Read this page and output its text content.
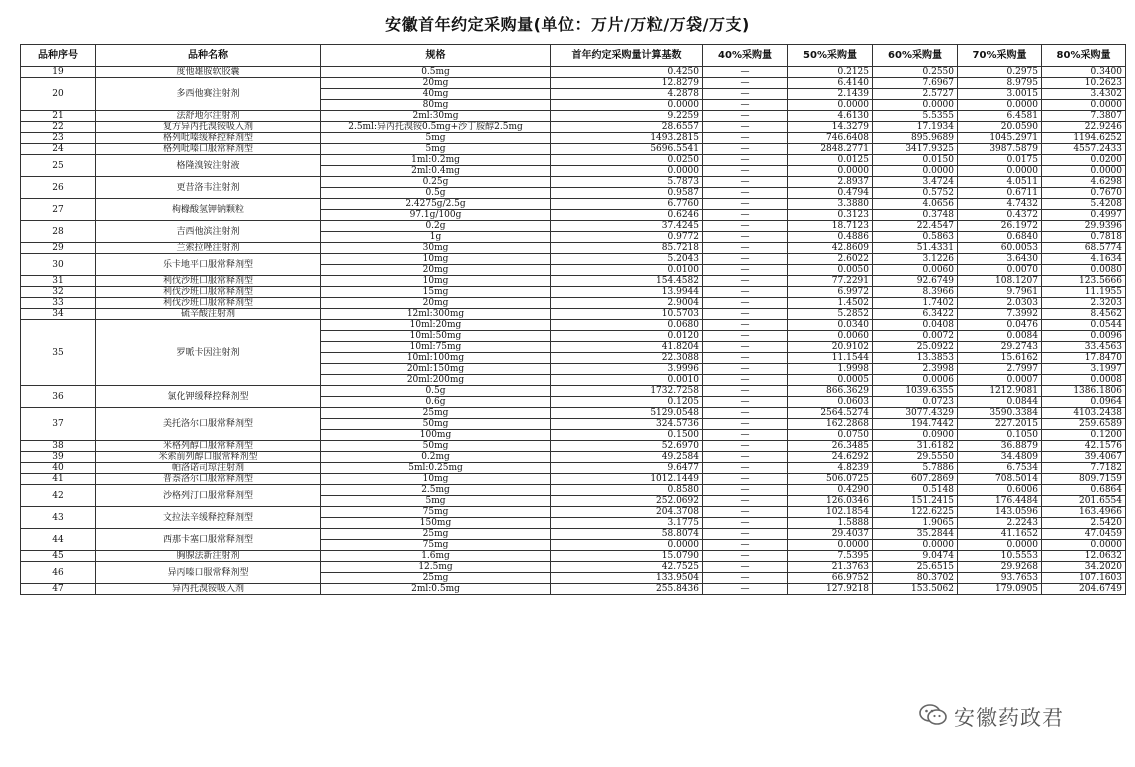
安徽首年约定采购量(单位：万片/万粒/万袋/万支)
品种序号	品种名称	规格	首年约定采购量计算基数	40%采购量	50%采购量	60%采购量	70%采购量	80%采购量
19	度他雄胺软胶囊	0.5mg	0.4250	—	0.2125	0.2550	0.2975	0.3400
20	多西他赛注射剂	20mg	12.8279	—	6.4140	7.6967	8.9795	10.2623
		40mg	4.2878	—	2.1439	2.5727	3.0015	3.4302
		80mg	0.0000	—	0.0000	0.0000	0.0000	0.0000
21	法舒地尔注射剂	2ml:30mg	9.2259	—	4.6130	5.5355	6.4581	7.3807
22	复方异丙托溴铵吸入剂	2.5ml:异丙托溴铵0.5mg+沙丁胺醇2.5mg	28.6557	—	14.3279	17.1934	20.0590	22.9246
23	格列吡嗪缓释控释剂型	5mg	1493.2815	—	746.6408	895.9689	1045.2971	1194.6252
24	格列吡嗪口服常释剂型	5mg	5696.5541	—	2848.2771	3417.9325	3987.5879	4557.2433
25	格隆溴铵注射液	1ml:0.2mg	0.0250	—	0.0125	0.0150	0.0175	0.0200
		2ml:0.4mg	0.0000	—	0.0000	0.0000	0.0000	0.0000
26	更昔洛韦注射剂	0.25g	5.7873	—	2.8937	3.4724	4.0511	4.6298
		0.5g	0.9587	—	0.4794	0.5752	0.6711	0.7670
27	枸橼酸氢钾钠颗粒	2.4275g/2.5g	6.7760	—	3.3880	4.0656	4.7432	5.4208
		97.1g/100g	0.6246	—	0.3123	0.3748	0.4372	0.4997
28	吉西他滨注射剂	0.2g	37.4245	—	18.7123	22.4547	26.1972	29.9396
		1g	0.9772	—	0.4886	0.5863	0.6840	0.7818
29	兰索拉唑注射剂	30mg	85.7218	—	42.8609	51.4331	60.0053	68.5774
30	乐卡地平口服常释剂型	10mg	5.2043	—	2.6022	3.1226	3.6430	4.1634
		20mg	0.0100	—	0.0050	0.0060	0.0070	0.0080
31	利伐沙班口服常释剂型	10mg	154.4582	—	77.2291	92.6749	108.1207	123.5666
32	利伐沙班口服常释剂型	15mg	13.9944	—	6.9972	8.3966	9.7961	11.1955
33	利伐沙班口服常释剂型	20mg	2.9004	—	1.4502	1.7402	2.0303	2.3203
34	硫辛酸注射剂	12ml:300mg	10.5703	—	5.2852	6.3422	7.3992	8.4562
35	罗哌卡因注射剂	10ml:20mg	0.0680	—	0.0340	0.0408	0.0476	0.0544
		10ml:50mg	0.0120	—	0.0060	0.0072	0.0084	0.0096
		10ml:75mg	41.8204	—	20.9102	25.0922	29.2743	33.4563
		10ml:100mg	22.3088	—	11.1544	13.3853	15.6162	17.8470
		20ml:150mg	3.9996	—	1.9998	2.3998	2.7997	3.1997
		20ml:200mg	0.0010	—	0.0005	0.0006	0.0007	0.0008
36	氯化钾缓释控释剂型	0.5g	1732.7258	—	866.3629	1039.6355	1212.9081	1386.1806
		0.6g	0.1205	—	0.0603	0.0723	0.0844	0.0964
37	美托洛尔口服常释剂型	25mg	5129.0548	—	2564.5274	3077.4329	3590.3384	4103.2438
		50mg	324.5736	—	162.2868	194.7442	227.2015	259.6589
		100mg	0.1500	—	0.0750	0.0900	0.1050	0.1200
38	米格列醇口服常释剂型	50mg	52.6970	—	26.3485	31.6182	36.8879	42.1576
39	米索前列醇口服常释剂型	0.2mg	49.2584	—	24.6292	29.5550	34.4809	39.4067
40	帕洛诺司琼注射剂	5ml:0.25mg	9.6477	—	4.8239	5.7886	6.7534	7.7182
41	普萘洛尔口服常释剂型	10mg	1012.1449	—	506.0725	607.2869	708.5014	809.7159
42	沙格列汀口服常释剂型	2.5mg	0.8580	—	0.4290	0.5148	0.6006	0.6864
		5mg	252.0692	—	126.0346	151.2415	176.4484	201.6554
43	文拉法辛缓释控释剂型	75mg	204.3708	—	102.1854	122.6225	143.0596	163.4966
		150mg	3.1775	—	1.5888	1.9065	2.2243	2.5420
44	西那卡塞口服常释剂型	25mg	58.8074	—	29.4037	35.2844	41.1652	47.0459
		75mg	0.0000	—	0.0000	0.0000	0.0000	0.0000
45	胸腺法新注射剂	1.6mg	15.0790	—	7.5395	9.0474	10.5553	12.0632
46	异丙嗪口服常释剂型	12.5mg	42.7525	—	21.3763	25.6515	29.9268	34.2020
		25mg	133.9504	—	66.9752	80.3702	93.7653	107.1603
47	异丙托溴铵吸入剂	2ml:0.5mg	255.8436	—	127.9218	153.5062	179.0905	204.6749
安徽药政君
